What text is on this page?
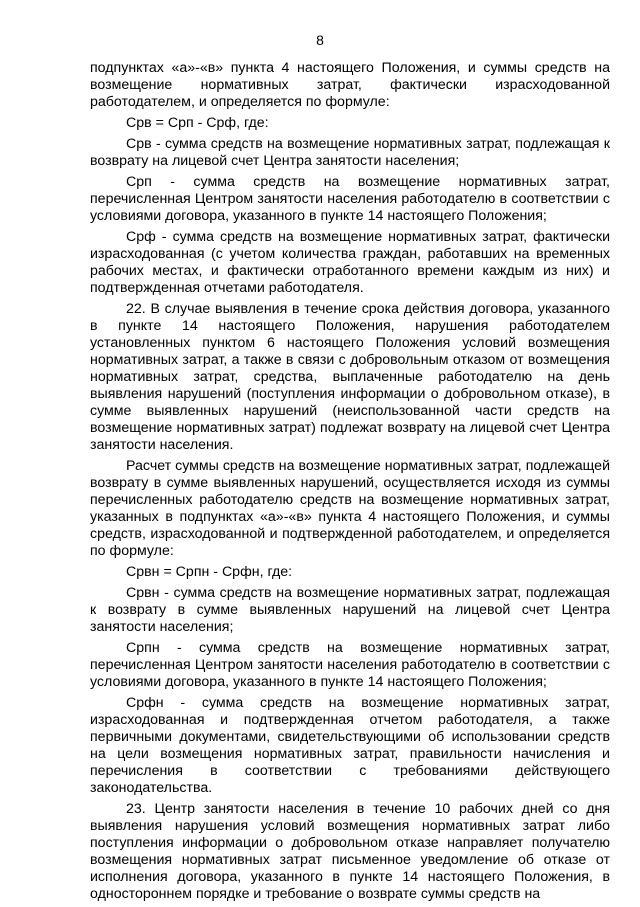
8

подпунктах «а»-«в» пункта 4 настоящего Положения, и суммы средств на возмещение нормативных затрат, фактически израсходованной работодателем, и определяется по формуле:

Срв = Срп - Срф, где:

Срв - сумма средств на возмещение нормативных затрат, подлежащая к возврату на лицевой счет Центра занятости населения;

Срп - сумма средств на возмещение нормативных затрат, перечисленная Центром занятости населения работодателю в соответствии с условиями договора, указанного в пункте 14 настоящего Положения;

Срф - сумма средств на возмещение нормативных затрат, фактически израсходованная (с учетом количества граждан, работавших на временных рабочих местах, и фактически отработанного времени каждым из них) и подтвержденная отчетами работодателя.

22. В случае выявления в течение срока действия договора, указанного в пункте 14 настоящего Положения, нарушения работодателем установленных пунктом 6 настоящего Положения условий возмещения нормативных затрат, а также в связи с добровольным отказом от возмещения нормативных затрат, средства, выплаченные работодателю на день выявления нарушений (поступления информации о добровольном отказе), в сумме выявленных нарушений (неиспользованной части средств на возмещение нормативных затрат) подлежат возврату на лицевой счет Центра занятости населения.

Расчет суммы средств на возмещение нормативных затрат, подлежащей возврату в сумме выявленных нарушений, осуществляется исходя из суммы перечисленных работодателю средств на возмещение нормативных затрат, указанных в подпунктах «а»-«в» пункта 4 настоящего Положения, и суммы средств, израсходованной и подтвержденной работодателем, и определяется по формуле:

Срвн = Српн - Срфн, где:

Срвн - сумма средств на возмещение нормативных затрат, подлежащая к возврату в сумме выявленных нарушений на лицевой счет Центра занятости населения;

Српн - сумма средств на возмещение нормативных затрат, перечисленная Центром занятости населения работодателю в соответствии с условиями договора, указанного в пункте 14 настоящего Положения;

Срфн - сумма средств на возмещение нормативных затрат, израсходованная и подтвержденная отчетом работодателя, а также первичными документами, свидетельствующими об использовании средств на цели возмещения нормативных затрат, правильности начисления и перечисления в соответствии с требованиями действующего законодательства.

23. Центр занятости населения в течение 10 рабочих дней со дня выявления нарушения условий возмещения нормативных затрат либо поступления информации о добровольном отказе направляет получателю возмещения нормативных затрат письменное уведомление об отказе от исполнения договора, указанного в пункте 14 настоящего Положения, в одностороннем порядке и требование о возврате суммы средств на
